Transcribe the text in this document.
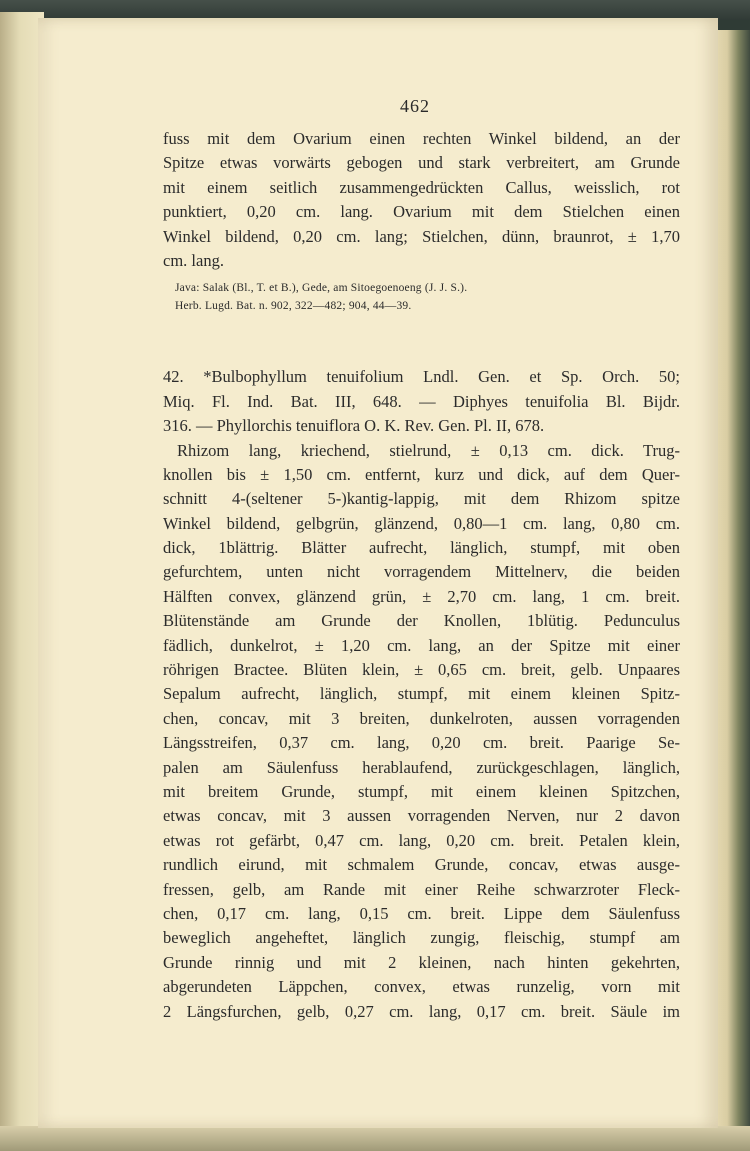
462
fuss mit dem Ovarium einen rechten Winkel bildend, an der
Spitze etwas vorwärts gebogen und stark verbreitert, am Grunde
mit einem seitlich zusammengedrückten Callus, weisslich, rot
punktiert, 0,20 cm. lang. Ovarium mit dem Stielchen einen
Winkel bildend, 0,20 cm. lang; Stielchen, dünn, braunrot, ± 1,70
cm. lang.
Java: Salak (Bl., T. et B.), Gede, am Sitoegoenoeng (J. J. S.).
Herb. Lugd. Bat. n. 902, 322—482; 904, 44—39.
42. *Bulbophyllum tenuifolium Lndl. Gen. et Sp. Orch. 50;
Miq. Fl. Ind. Bat. III, 648. — Diphyes tenuifolia Bl. Bijdr.
316. — Phyllorchis tenuiflora O. K. Rev. Gen. Pl. II, 678.
Rhizom lang, kriechend, stielrund, ± 0,13 cm. dick. Trug-
knollen bis ± 1,50 cm. entfernt, kurz und dick, auf dem Quer-
schnitt 4-(seltener 5-)kantig-lappig, mit dem Rhizom spitze
Winkel bildend, gelbgrün, glänzend, 0,80—1 cm. lang, 0,80 cm.
dick, 1blättrig. Blätter aufrecht, länglich, stumpf, mit oben
gefurchtem, unten nicht vorragendem Mittelnerv, die beiden
Hälften convex, glänzend grün, ± 2,70 cm. lang, 1 cm. breit.
Blütenstände am Grunde der Knollen, 1blütig. Pedunculus
fädlich, dunkelrot, ± 1,20 cm. lang, an der Spitze mit einer
röhrigen Bractee. Blüten klein, ± 0,65 cm. breit, gelb. Unpaares
Sepalum aufrecht, länglich, stumpf, mit einem kleinen Spitz-
chen, concav, mit 3 breiten, dunkelroten, aussen vorragenden
Längsstreifen, 0,37 cm. lang, 0,20 cm. breit. Paarige Se-
palen am Säulenfuss herablaufend, zurückgeschlagen, länglich,
mit breitem Grunde, stumpf, mit einem kleinen Spitzchen,
etwas concav, mit 3 aussen vorragenden Nerven, nur 2 davon
etwas rot gefärbt, 0,47 cm. lang, 0,20 cm. breit. Petalen klein,
rundlich eirund, mit schmalem Grunde, concav, etwas ausge-
fressen, gelb, am Rande mit einer Reihe schwarzroter Fleck-
chen, 0,17 cm. lang, 0,15 cm. breit. Lippe dem Säulenfuss
beweglich angeheftet, länglich zungig, fleischig, stumpf am
Grunde rinnig und mit 2 kleinen, nach hinten gekehrten,
abgerundeten Läppchen, convex, etwas runzelig, vorn mit
2 Längsfurchen, gelb, 0,27 cm. lang, 0,17 cm. breit. Säule im
